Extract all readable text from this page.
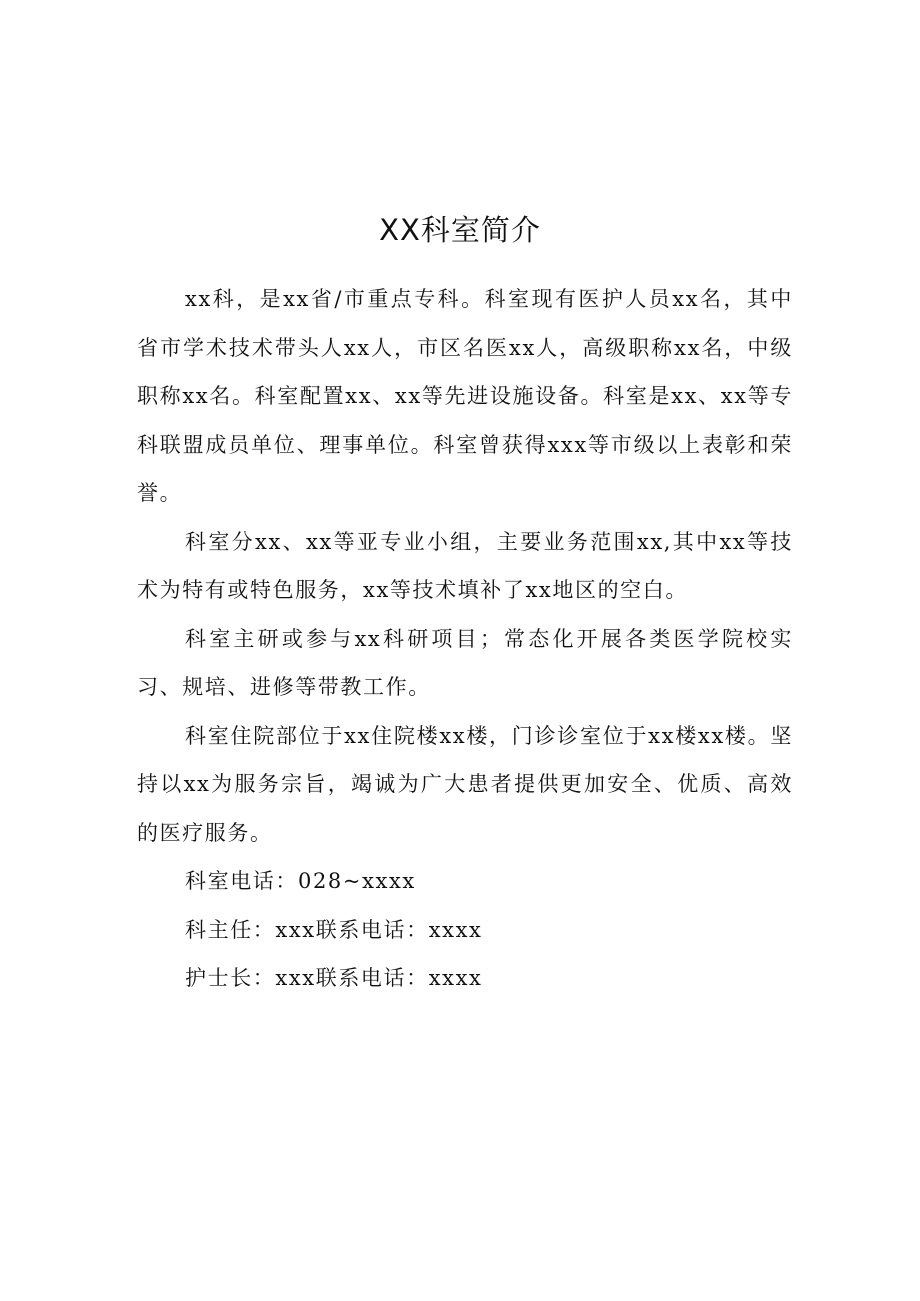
XX科室简介

xx科，是xx省/市重点专科。科室现有医护人员xx名，其中省市学术技术带头人xx人，市区名医xx人，高级职称xx名，中级职称xx名。科室配置xx、xx等先进设施设备。科室是xx、xx等专科联盟成员单位、理事单位。科室曾获得xxx等市级以上表彰和荣誉。

科室分xx、xx等亚专业小组，主要业务范围xx,其中xx等技术为特有或特色服务，xx等技术填补了xx地区的空白。

科室主研或参与xx科研项目；常态化开展各类医学院校实习、规培、进修等带教工作。

科室住院部位于xx住院楼xx楼，门诊诊室位于xx楼xx楼。坚持以xx为服务宗旨，竭诚为广大患者提供更加安全、优质、高效的医疗服务。

科室电话：028~xxxx

科主任：xxx联系电话：xxxx

护士长：xxx联系电话：xxxx
